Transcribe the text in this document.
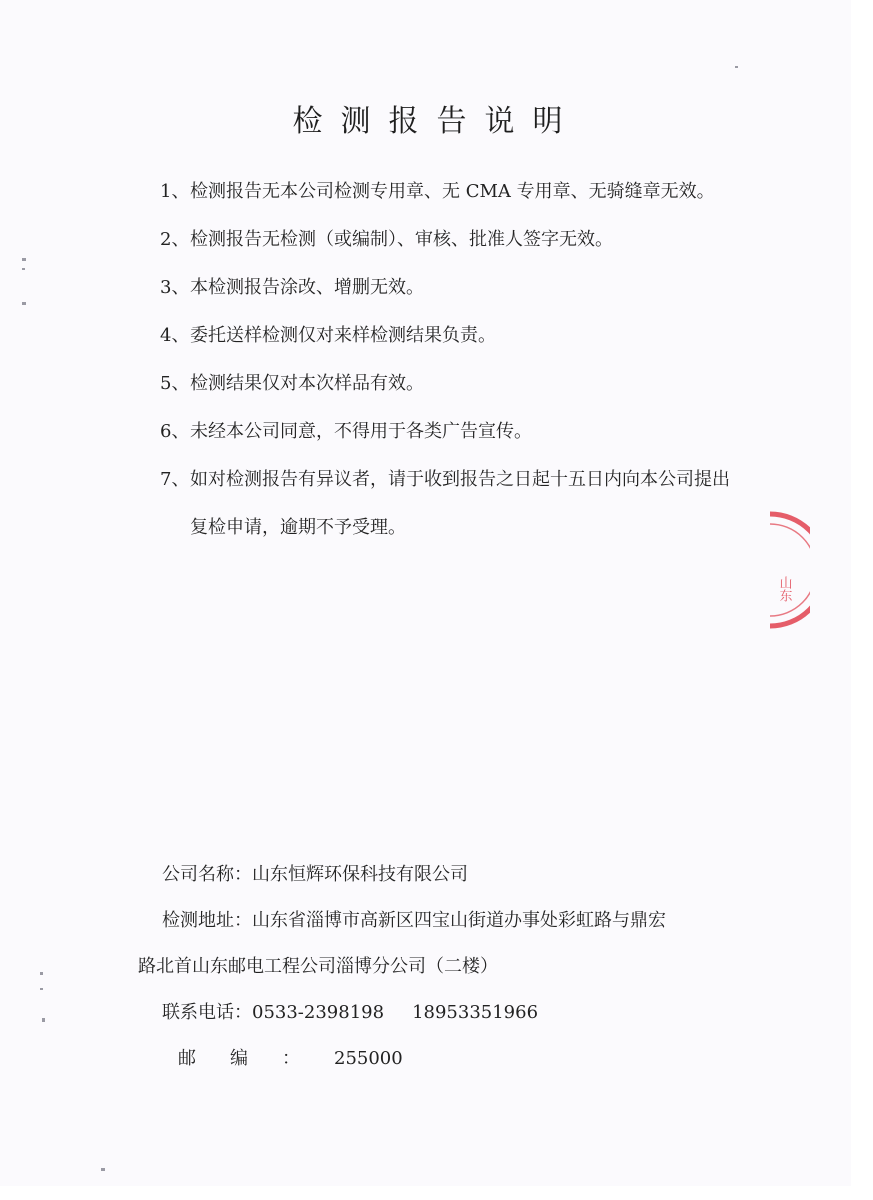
检测报告说明
1、 检测报告无本公司检测专用章、无 CMA 专用章、无骑缝章无效。
2、 检测报告无检测（或编制）、审核、批准人签字无效。
3、 本检测报告涂改、增删无效。
4、 委托送样检测仅对来样检测结果负责。
5、 检测结果仅对本次样品有效。
6、 未经本公司同意，不得用于各类广告宣传。
7、 如对检测报告有异议者，请于收到报告之日起十五日内向本公司提出复检申请，逾期不予受理。
山东
公司名称：山东恒辉环保科技有限公司
检测地址：山东省淄博市高新区四宝山街道办事处彩虹路与鼎宏
路北首山东邮电工程公司淄博分公司（二楼）
联系电话：0533-2398198 18953351966
邮编：255000
